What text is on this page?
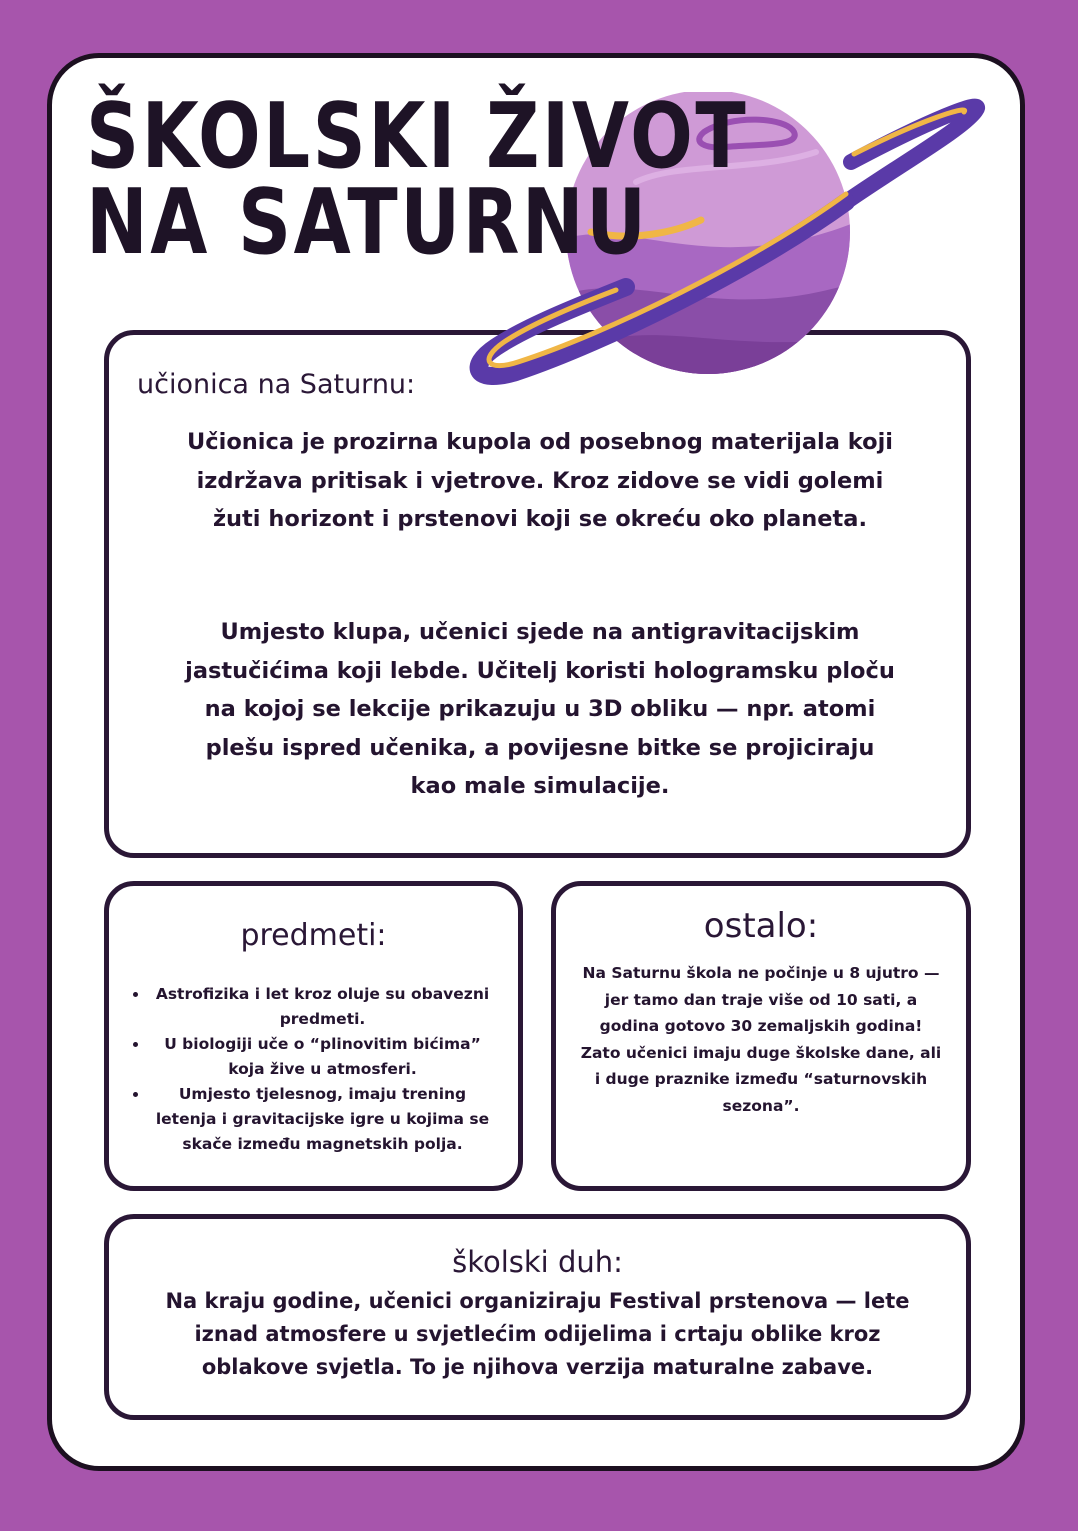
ŠKOLSKI ŽIVOT
NA SATURNU
učionica na Saturnu:

Učionica je prozirna kupola od posebnog materijala koji izdržava pritisak i vjetrove. Kroz zidove se vidi golemi žuti horizont i prstenovi koji se okreću oko planeta.

Umjesto klupa, učenici sjede na antigravitacijskim jastučićima koji lebde. Učitelj koristi hologramsku ploču na kojoj se lekcije prikazuju u 3D obliku — npr. atomi plešu ispred učenika, a povijesne bitke se projiciraju kao male simulacije.

predmeti:
• Astrofizika i let kroz oluje su obavezni predmeti.
• U biologiji uče o “plinovitim bićima” koja žive u atmosferi.
• Umjesto tjelesnog, imaju trening letenja i gravitacijske igre u kojima se skače između magnetskih polja.
ostalo:

Na Saturnu škola ne počinje u 8 ujutro — jer tamo dan traje više od 10 sati, a godina gotovo 30 zemaljskih godina! Zato učenici imaju duge školske dane, ali i duge praznike između “saturnovskih sezona”.

školski duh:

Na kraju godine, učenici organiziraju Festival prstenova — lete iznad atmosfere u svjetlećim odijelima i crtaju oblike kroz oblakove svjetla. To je njihova verzija maturalne zabave.
